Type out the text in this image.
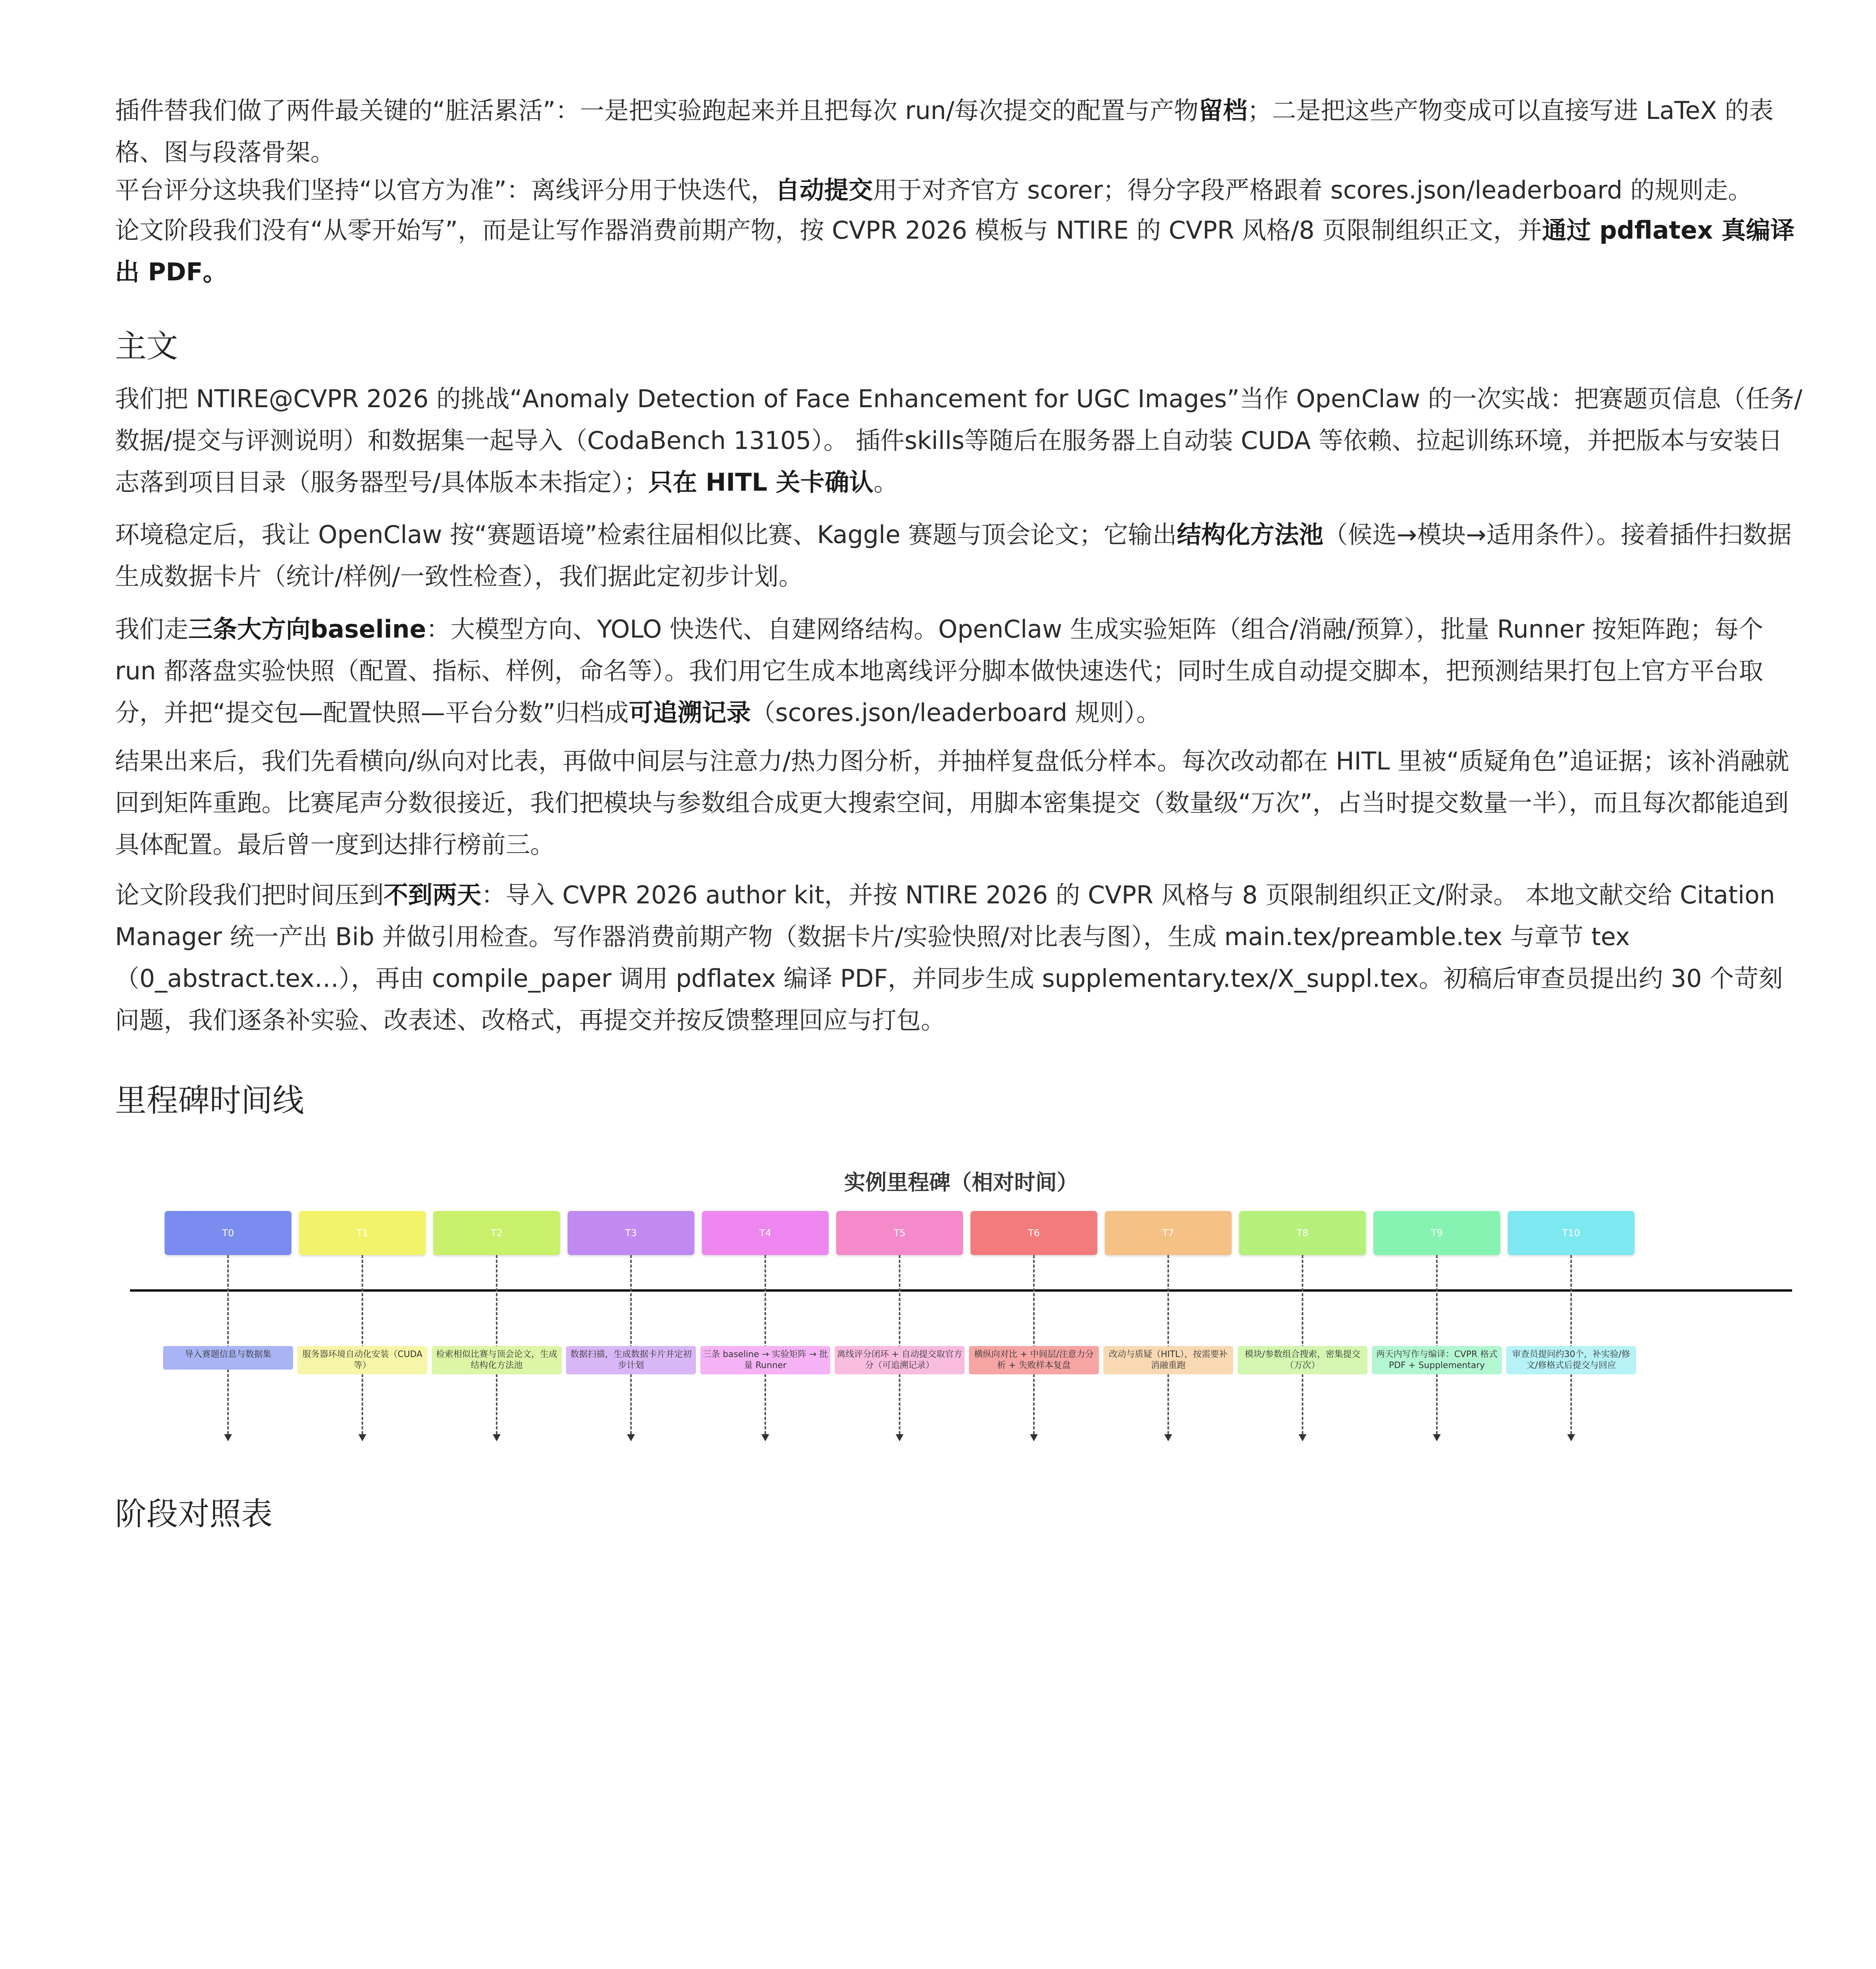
插件替我们做了两件最关键的“脏活累活”：一是把实验跑起来并且把每次 run/每次提交的配置与产物留档；二是把这些产物变成可以直接写进 LaTeX 的表格、图与段落骨架。

平台评分这块我们坚持“以官方为准”：离线评分用于快迭代，自动提交用于对齐官方 scorer；得分字段严格跟着 scores.json/leaderboard 的规则走。

论文阶段我们没有“从零开始写”，而是让写作器消费前期产物，按 CVPR 2026 模板与 NTIRE 的 CVPR 风格/8 页限制组织正文，并通过 pdflatex 真编译出 PDF。

主文

我们把 NTIRE@CVPR 2026 的挑战“Anomaly Detection of Face Enhancement for UGC Images”当作 OpenClaw 的一次实战：把赛题页信息（任务/数据/提交与评测说明）和数据集一起导入（CodaBench 13105）。 插件skills等随后在服务器上自动装 CUDA 等依赖、拉起训练环境，并把版本与安装日志落到项目目录（服务器型号/具体版本未指定）；只在 HITL 关卡确认。

环境稳定后，我让 OpenClaw 按“赛题语境”检索往届相似比赛、Kaggle 赛题与顶会论文；它输出结构化方法池（候选→模块→适用条件）。接着插件扫数据生成数据卡片（统计/样例/一致性检查），我们据此定初步计划。

我们走三条大方向baseline：大模型方向、YOLO 快迭代、自建网络结构。OpenClaw 生成实验矩阵（组合/消融/预算），批量 Runner 按矩阵跑；每个 run 都落盘实验快照（配置、指标、样例，命名等）。我们用它生成本地离线评分脚本做快速迭代；同时生成自动提交脚本，把预测结果打包上官方平台取分，并把“提交包—配置快照—平台分数”归档成可追溯记录（scores.json/leaderboard 规则）。

结果出来后，我们先看横向/纵向对比表，再做中间层与注意力/热力图分析，并抽样复盘低分样本。每次改动都在 HITL 里被“质疑角色”追证据；该补消融就回到矩阵重跑。比赛尾声分数很接近，我们把模块与参数组合成更大搜索空间，用脚本密集提交（数量级“万次”，占当时提交数量一半），而且每次都能追到具体配置。最后曾一度到达排行榜前三。

论文阶段我们把时间压到不到两天：导入 CVPR 2026 author kit，并按 NTIRE 2026 的 CVPR 风格与 8 页限制组织正文/附录。 本地文献交给 Citation Manager 统一产出 Bib 并做引用检查。写作器消费前期产物（数据卡片/实验快照/对比表与图），生成 main.tex/preamble.tex 与章节 tex（0_abstract.tex…），再由 compile_paper 调用 pdflatex 编译 PDF，并同步生成 supplementary.tex/X_suppl.tex。初稿后审查员提出约 30 个苛刻问题，我们逐条补实验、改表述、改格式，再提交并按反馈整理回应与打包。

里程碑时间线
实例里程碑（相对时间）
T0
导入赛题信息与数据集
T1
服务器环境自动化安装（CUDA等）
T2
检索相似比赛与顶会论文，生成结构化方法池
T3
数据扫描，生成数据卡片并定初步计划
T4
三条 baseline → 实验矩阵 → 批量 Runner
T5
离线评分闭环 + 自动提交取官方分（可追溯记录）
T6
横纵向对比 + 中间层/注意力分析 + 失败样本复盘
T7
改动与质疑（HITL），按需要补消融重跑
T8
模块/参数组合搜索，密集提交（万次）
T9
两天内写作与编译：CVPR 格式 PDF + Supplementary
T10
审查员提问约30个，补实验/修文/修格式后提交与回应
阶段对照表
